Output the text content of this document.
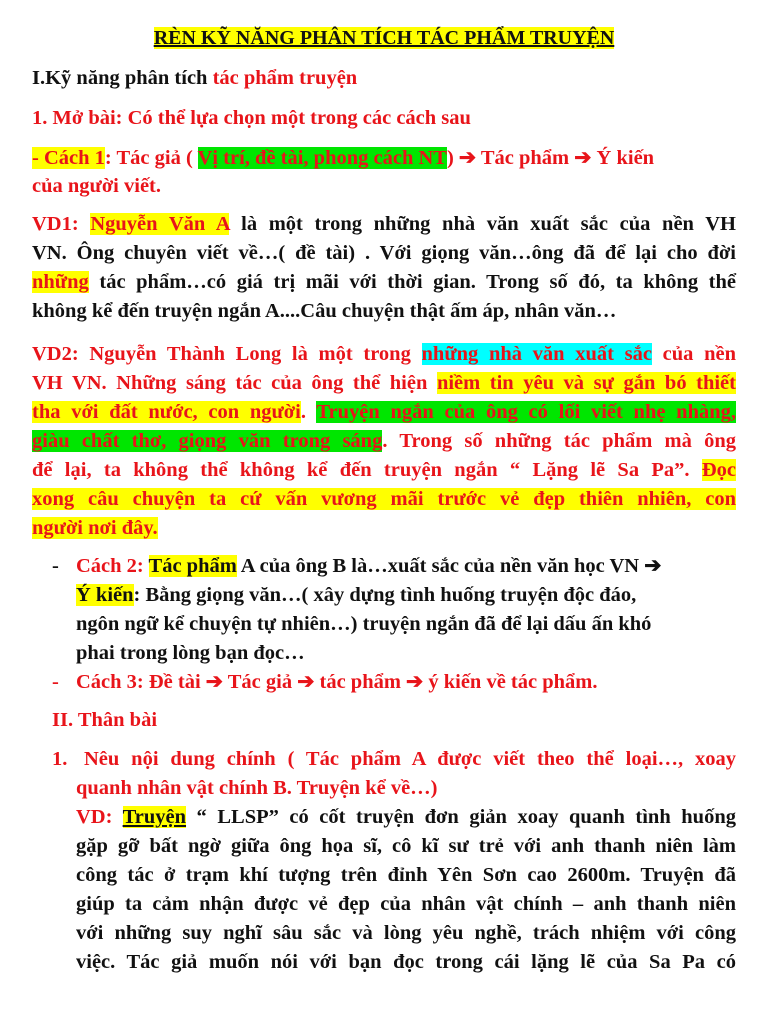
RÈN KỸ NĂNG PHÂN TÍCH TÁC PHẨM TRUYỆN
I.Kỹ năng phân tích tác phẩm truyện
1. Mở bài: Có thể lựa chọn một trong các cách sau
- Cách 1: Tác giả ( Vị trí, đề tài, phong cách NT) ➔ Tác phẩm ➔ Ý kiến
của người viết.
VD1: Nguyễn Văn A là một trong những nhà văn xuất sắc của nền VH
VN. Ông chuyên viết về…( đề tài) . Với giọng văn…ông đã để lại cho đời
những tác phẩm…có giá trị mãi với thời gian. Trong số đó, ta không thể
không kể đến truyện ngắn A....Câu chuyện thật ấm áp, nhân văn…
VD2: Nguyễn Thành Long là một trong những nhà văn xuất sắc của nền
VH VN. Những sáng tác của ông thể hiện niềm tin yêu và sự gắn bó thiết
tha với đất nước, con người. Truyện ngắn của ông có lối viết nhẹ nhàng,
giàu chất thơ, giọng văn trong sáng. Trong số những tác phẩm mà ông
để lại, ta không thể không kể đến truyện ngắn “ Lặng lẽ Sa Pa”. Đọc
xong câu chuyện ta cứ vấn vương mãi trước vẻ đẹp thiên nhiên, con
người nơi đây.
- Cách 2: Tác phẩm A của ông B là…xuất sắc của nền văn học VN ➔
Ý kiến: Bằng giọng văn…( xây dựng tình huống truyện độc đáo,
ngôn ngữ kể chuyện tự nhiên…) truyện ngắn đã để lại dấu ấn khó
phai trong lòng bạn đọc…
- Cách 3: Đề tài ➔ Tác giả ➔ tác phẩm ➔ ý kiến về tác phẩm.
II. Thân bài
1. Nêu nội dung chính ( Tác phẩm A được viết theo thể loại…, xoay
quanh nhân vật chính B. Truyện kể về…)
VD: Truyện “ LLSP” có cốt truyện đơn giản xoay quanh tình huống
gặp gỡ bất ngờ giữa ông họa sĩ, cô kĩ sư trẻ với anh thanh niên làm
công tác ở trạm khí tượng trên đỉnh Yên Sơn cao 2600m. Truyện đã
giúp ta cảm nhận được vẻ đẹp của nhân vật chính – anh thanh niên
với những suy nghĩ sâu sắc và lòng yêu nghề, trách nhiệm với công
việc. Tác giả muốn nói với bạn đọc trong cái lặng lẽ của Sa Pa có
